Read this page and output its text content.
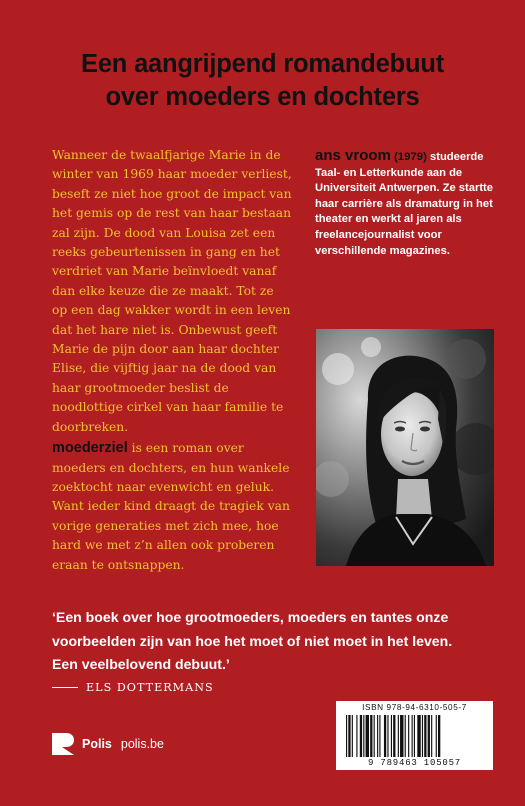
Een aangrijpend romandebuut
over moeders en dochters

Wanneer de twaalfjarige Marie in de winter van 1969 haar moeder verliest, beseft ze niet hoe groot de impact van het gemis op de rest van haar bestaan zal zijn. De dood van Louisa zet een reeks gebeurtenissen in gang en het verdriet van Marie beïnvloedt vanaf dan elke keuze die ze maakt. Tot ze op een dag wakker wordt in een leven dat het hare niet is. Onbewust geeft Marie de pijn door aan haar dochter Elise, die vijftig jaar na de dood van haar grootmoeder beslist de noodlottige cirkel van haar familie te doorbreken.

moederziel is een roman over moeders en dochters, en hun wankele zoektocht naar evenwicht en geluk. Want ieder kind draagt de tragiek van vorige generaties met zich mee, hoe hard we met z’n allen ook proberen eraan te ontsnappen.

ans vroom (1979) studeerde Taal- en Letterkunde aan de Universiteit Antwerpen. Ze startte haar carrière als dramaturg in het theater en werkt al jaren als freelancejournalist voor verschillende magazines.

‘Een boek over hoe grootmoeders, moeders en tantes onze

voorbeelden zijn van hoe het moet of niet moet in het leven.

Een veelbelovend debuut.’

ELS DOTTERMANS
Polis polis.be
ISBN 978-94-6310-505-7
9 789463 105057
